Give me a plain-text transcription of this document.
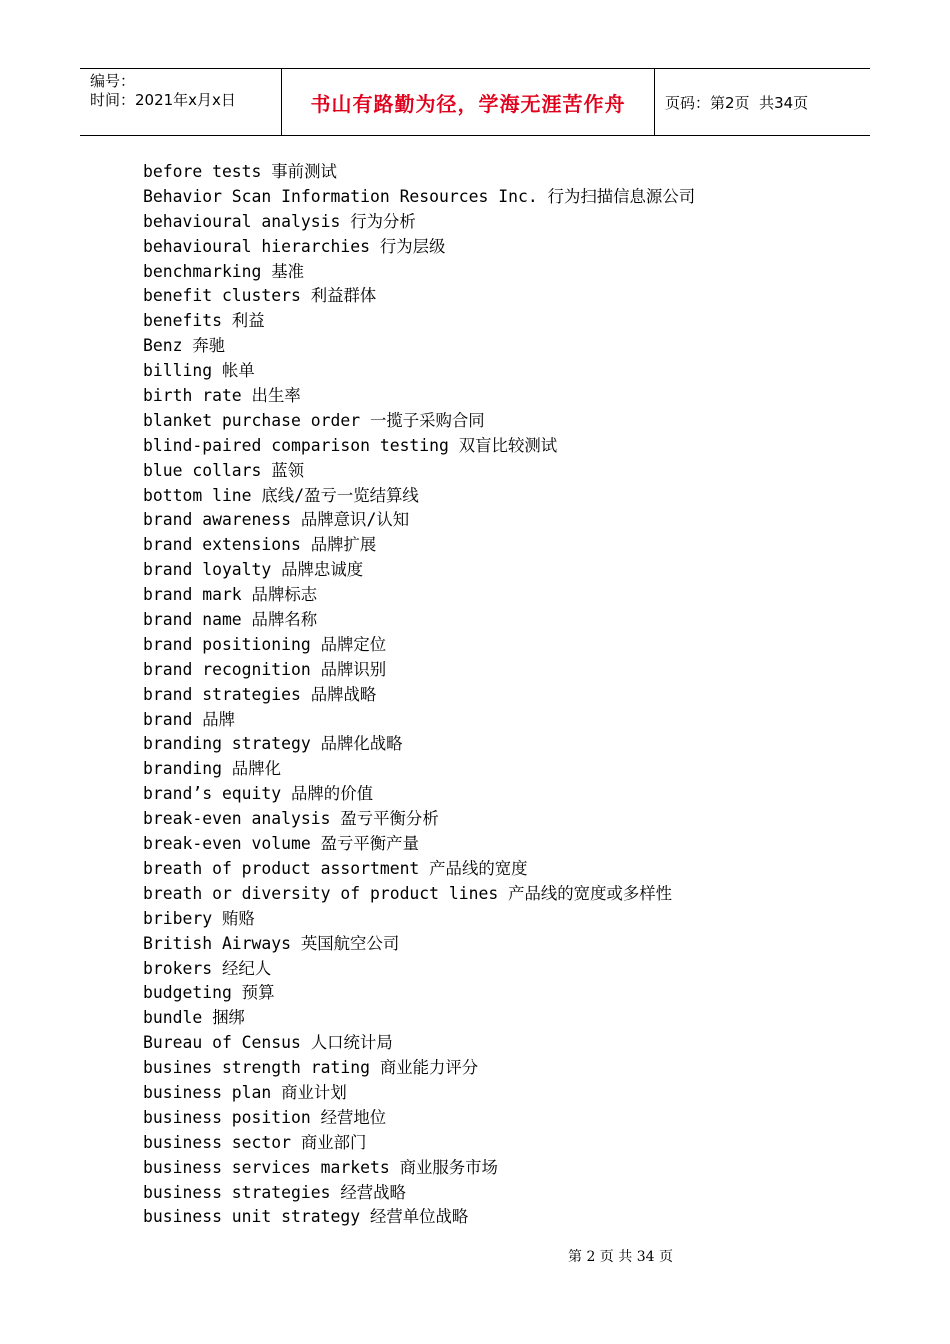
编号：
时间：2021年x月x日	书山有路勤为径，学海无涯苦作舟	页码：第2页  共34页
before tests 事前测试
Behavior Scan Information Resources Inc. 行为扫描信息源公司
behavioural analysis 行为分析
behavioural hierarchies 行为层级
benchmarking 基准
benefit clusters 利益群体
benefits 利益
Benz 奔驰
billing 帐单
birth rate 出生率
blanket purchase order 一揽子采购合同
blind-paired comparison testing 双盲比较测试
blue collars 蓝领
bottom line 底线/盈亏一览结算线
brand awareness 品牌意识/认知
brand extensions 品牌扩展
brand loyalty 品牌忠诚度
brand mark 品牌标志
brand name 品牌名称
brand positioning 品牌定位
brand recognition 品牌识别
brand strategies 品牌战略
brand 品牌
branding strategy 品牌化战略
branding 品牌化
brand’s equity 品牌的价值
break-even analysis 盈亏平衡分析
break-even volume 盈亏平衡产量
breath of product assortment 产品线的宽度
breath or diversity of product lines 产品线的宽度或多样性
bribery 贿赂
British Airways 英国航空公司
brokers 经纪人
budgeting 预算
bundle 捆绑
Bureau of Census 人口统计局
busines strength rating 商业能力评分
business plan 商业计划
business position 经营地位
business sector 商业部门
business services markets 商业服务市场
business strategies 经营战略
business unit strategy 经营单位战略
第 2 页 共 34 页
